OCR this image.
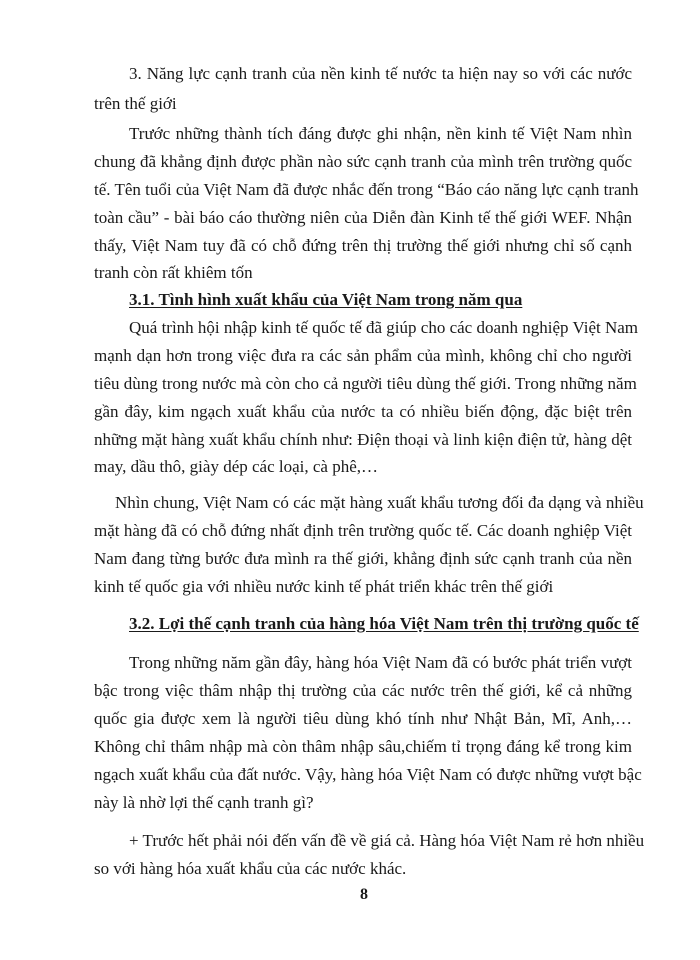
3. Năng lực cạnh tranh của nền kinh tế nước ta hiện nay so với các nước
trên thế giới
Trước những thành tích đáng được ghi nhận, nền kinh tế Việt Nam nhìn
chung đã khẳng định được phần nào sức cạnh tranh của mình trên trường quốc
tế. Tên tuổi của Việt Nam đã được nhắc đến trong “Báo cáo năng lực cạnh tranh
toàn cầu” - bài báo cáo thường niên của Diễn đàn Kinh tế thế giới WEF. Nhận
thấy, Việt Nam tuy đã có chỗ đứng trên thị trường thế giới nhưng chỉ số cạnh
tranh còn rất khiêm tốn
3.1. Tình hình xuất khẩu của Việt Nam trong năm qua
Quá trình hội nhập kinh tế quốc tế đã giúp cho các doanh nghiệp Việt Nam
mạnh dạn hơn trong việc đưa ra các sản phẩm của mình, không chỉ cho người
tiêu dùng trong nước mà còn cho cả người tiêu dùng thế giới. Trong những năm
gần đây, kim ngạch xuất khẩu của nước ta có nhiều biến động, đặc biệt trên
những mặt hàng xuất khẩu chính như: Điện thoại và linh kiện điện tử, hàng dệt
may, dầu thô, giày dép các loại, cà phê,…
Nhìn chung, Việt Nam có các mặt hàng xuất khẩu tương đối đa dạng và nhiều
mặt hàng đã có chỗ đứng nhất định trên trường quốc tế. Các doanh nghiệp Việt
Nam đang từng bước đưa mình ra thế giới, khẳng định sức cạnh tranh của nền
kinh tế quốc gia với nhiều nước kinh tế phát triển khác trên thế giới
3.2. Lợi thế cạnh tranh của hàng hóa Việt Nam trên thị trường quốc tế
Trong những năm gần đây, hàng hóa Việt Nam đã có bước phát triển vượt
bậc trong việc thâm nhập thị trường của các nước trên thế giới, kể cả những
quốc gia được xem là người tiêu dùng khó tính như Nhật Bản, Mĩ, Anh,…
Không chỉ thâm nhập mà còn thâm nhập sâu,chiếm tỉ trọng đáng kể trong kim
ngạch xuất khẩu của đất nước. Vậy, hàng hóa Việt Nam có được những vượt bậc
này là nhờ lợi thế cạnh tranh gì?
+ Trước hết phải nói đến vấn đề về giá cả. Hàng hóa Việt Nam rẻ hơn nhiều
so với hàng hóa xuất khẩu của các nước khác.
8
